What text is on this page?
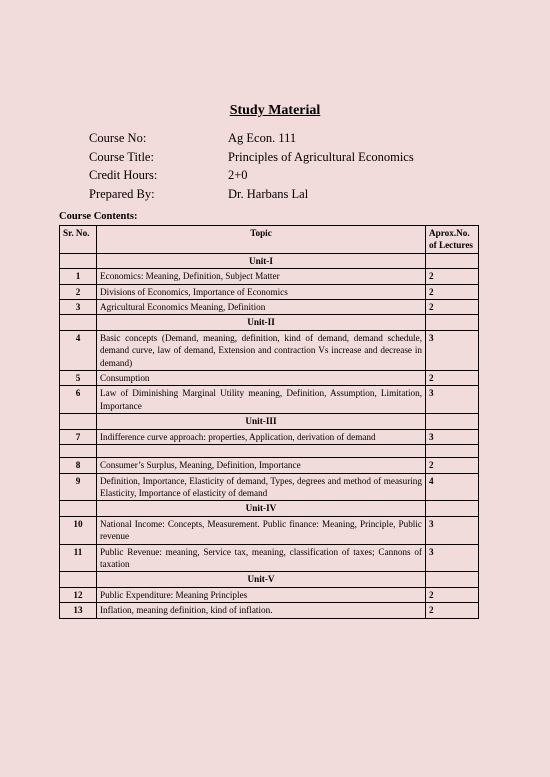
Study Material
Course No:	Ag Econ. 111
Course Title:	Principles of Agricultural Economics
Credit Hours:	2+0
Prepared By:	Dr. Harbans Lal
Course Contents:
Sr. No.	Topic	Aprox.No. of Lectures
	Unit-I	
1	Economics: Meaning, Definition, Subject Matter	2
2	Divisions of Economics, Importance of Economics	2
3	Agricultural Economics Meaning, Definition	2
	Unit-II	
4	Basic concepts (Demand, meaning, definition, kind of demand, demand schedule, demand curve, law of demand, Extension and contraction Vs increase and decrease in demand)	3
5	Consumption	2
6	Law of Diminishing Marginal Utility meaning, Definition, Assumption, Limitation, Importance	3
	Unit-III	
7	Indifference curve approach: properties, Application, derivation of demand	3

8	Consumer’s Surplus, Meaning, Definition, Importance	2
9	Definition, Importance, Elasticity of demand, Types, degrees and method of measuring Elasticity, Importance of elasticity of demand	4
	Unit-IV	
10	National Income: Concepts, Measurement. Public finance: Meaning, Principle, Public revenue	3
11	Public Revenue: meaning, Service tax, meaning, classification of taxes; Cannons of taxation	3
	Unit-V	
12	Public Expenditure: Meaning Principles	2
13	Inflation, meaning definition, kind of inflation.	2
